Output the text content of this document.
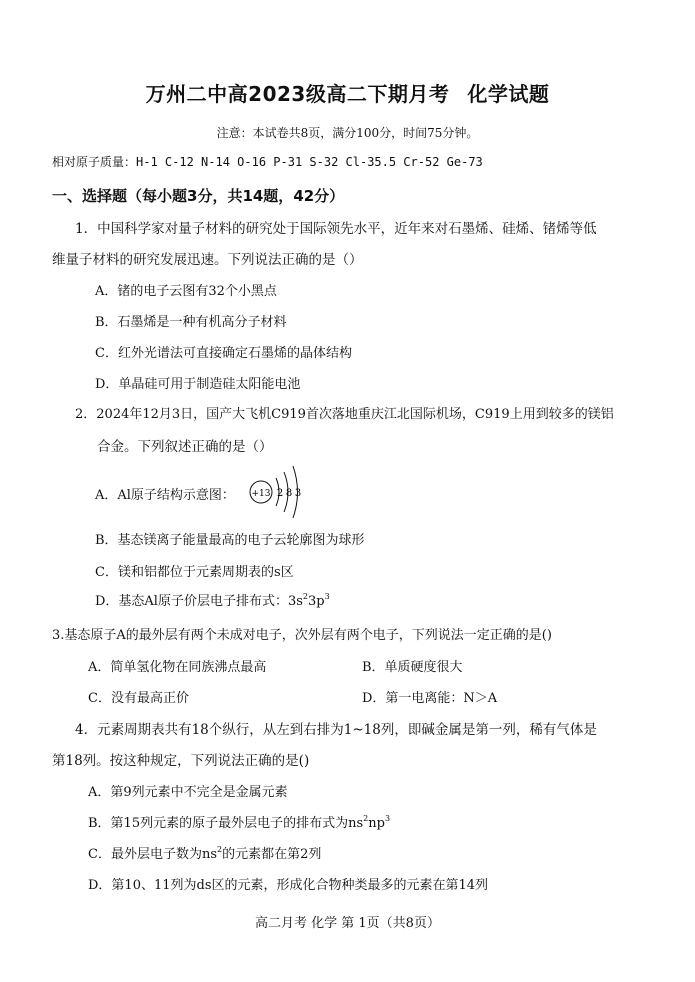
万州二中高2023级高二下期月考 化学试题
注意：本试卷共8页，满分100分，时间75分钟。
相对原子质量：H-1 C-12 N-14 O-16 P-31 S-32 Cl-35.5 Cr-52 Ge-73
一、选择题（每小题3分，共14题，42分）
1．中国科学家对量子材料的研究处于国际领先水平，近年来对石墨烯、硅烯、锗烯等低
维量子材料的研究发展迅速。下列说法正确的是（）
A．锗的电子云图有32个小黑点
B．石墨烯是一种有机高分子材料
C．红外光谱法可直接确定石墨烯的晶体结构
D．单晶硅可用于制造硅太阳能电池
2．2024年12月3日，国产大飞机C919首次落地重庆江北国际机场，C919上用到较多的镁铝
合金。下列叙述正确的是（）
A．Al原子结构示意图： +13 2 8 3
B．基态镁离子能量最高的电子云轮廓图为球形
C．镁和铝都位于元素周期表的s区
D．基态Al原子价层电子排布式：$3s^23p^3$
3.基态原子A的最外层有两个未成对电子，次外层有两个电子，下列说法一定正确的是()
A．简单氢化物在同族沸点最高	B．单质硬度很大
C．没有最高正价	D．第一电离能：N＞A
4．元素周期表共有18个纵行，从左到右排为1~18列，即碱金属是第一列，稀有气体是
第18列。按这种规定，下列说法正确的是()
A．第9列元素中不完全是金属元素
B．第15列元素的原子最外层电子的排布式为$ns^2np^3$
C．最外层电子数为$ns^2$的元素都在第2列
D．第10、11列为ds区的元素，形成化合物种类最多的元素在第14列
高二月考 化学 第 1页（共8页）
